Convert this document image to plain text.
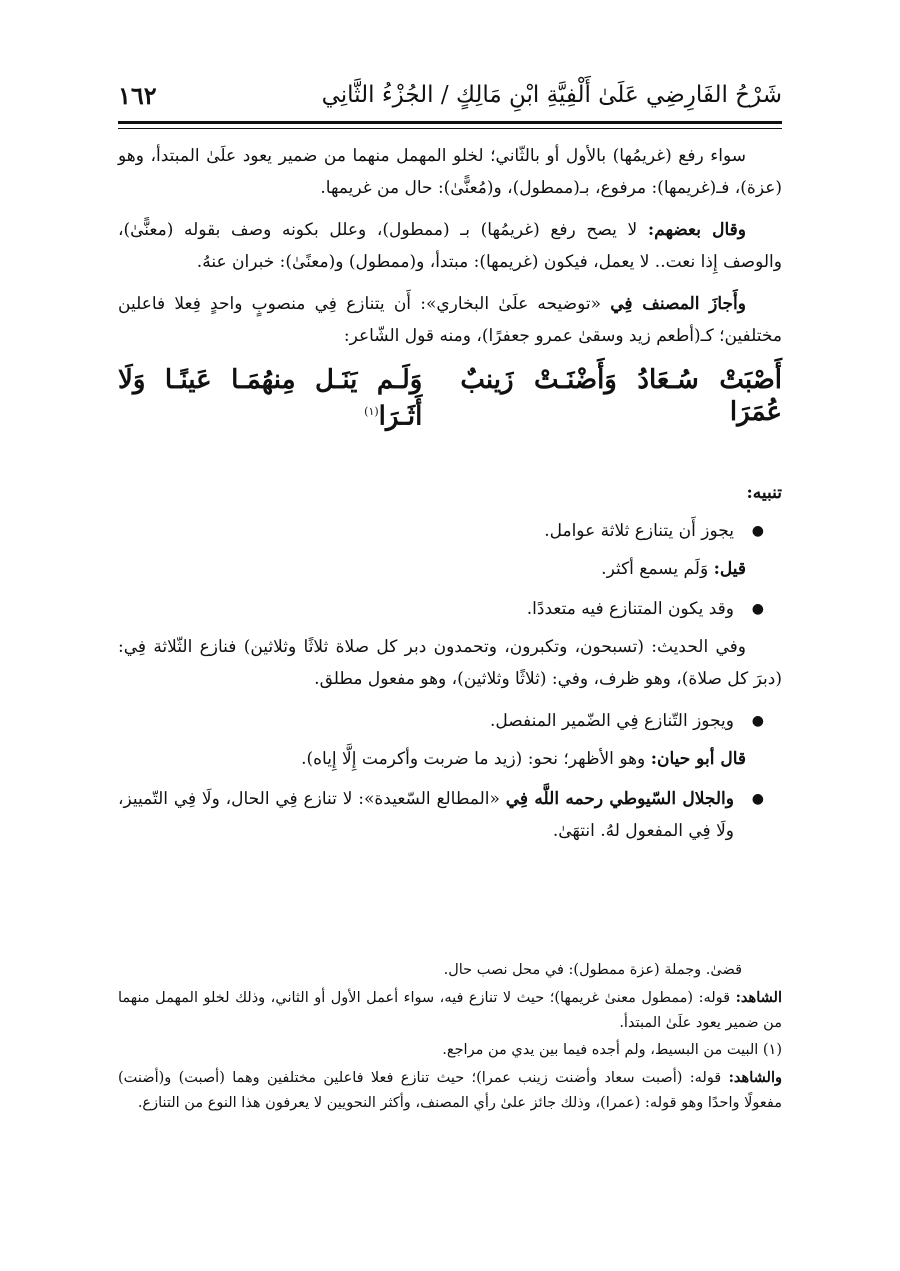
شَرْحُ الفَارِضِي عَلَىٰ أَلْفِيَّةِ ابْنِ مَالِكٍ / الجُزْءُ الثَّانِي
١٦٢

سواء رفع (غريمُها) بالأول أو بالثّاني؛ لخلو المهمل منهما من ضمير يعود علَىٰ المبتدأ، وهو (عزة)، فـ(غريمها): مرفوع، بـ(ممطول)، و(مُعنًّىٰ): حال من غريمها.

وقال بعضهم: لا يصح رفع (غريمُها) بـ (ممطول)، وعلل بكونه وصف بقوله (معنًّىٰ)، والوصف إِذا نعت.. لا يعمل، فيكون (غريمها): مبتدأ، و(ممطول) و(معنًىٰ): خبران عنهُ.

وأَجازَ المصنف فِي «توضيحه علَىٰ البخاري»: أَن يتنازع فِي منصوبٍ واحدٍ فِعلا فاعلين مختلفين؛ كـ(أطعم زيد وسقىٰ عمرو جعفرًا)، ومنه قول الشّاعر:

أَصْبَتْ سُـعَادُ وَأَضْنَـتْ زَينبٌ عُمَرَا
وَلَـم يَنَـل مِنهُمَـا عَينًـا وَلَا أَثَـرَا$^{(١)}$

تنبيه:

●
يجوز أَن يتنازع ثلاثة عوامل.

قيل: وَلَم يسمع أكثر.

●
وقد يكون المتنازع فيه متعددًا.

وفي الحديث: (تسبحون، وتكبرون، وتحمدون دبر كل صلاة ثلاثًا وثلاثين) فنازع الثّلاثة فِي: (دبرَ كل صلاة)، وهو ظرف، وفي: (ثلاثًا وثلاثين)، وهو مفعول مطلق.

●
ويجوز التّنازع فِي الضّمير المنفصل.

قال أبو حيان: وهو الأظهر؛ نحو: (زيد ما ضربت وأكرمت إِلَّا إِياه).

●
والجلال السّيوطي رحمه اللَّه فِي «المطالع السّعيدة»: لا تنازع فِي الحال، ولَا فِي التّمييز، ولَا فِي المفعول لهُ. انتهَىٰ.

قضىٰ. وجملة (عزة ممطول): في محل نصب حال.

الشاهد: قوله: (ممطول معنىٰ غريمها)؛ حيث لا تنازع فيه، سواء أعمل الأول أو الثاني، وذلك لخلو المهمل منهما من ضمير يعود علَىٰ المبتدأ.

(١) البيت من البسيط، ولم أجده فيما بين يدي من مراجع.

والشاهد: قوله: (أصبت سعاد وأضنت زينب عمرا)؛ حيث تنازع فعلا فاعلين مختلفين وهما (أصبت) و(أضنت) مفعولًا واحدًا وهو قوله: (عمرا)، وذلك جائز علىٰ رأي المصنف، وأكثر النحويين لا يعرفون هذا النوع من التنازع.
